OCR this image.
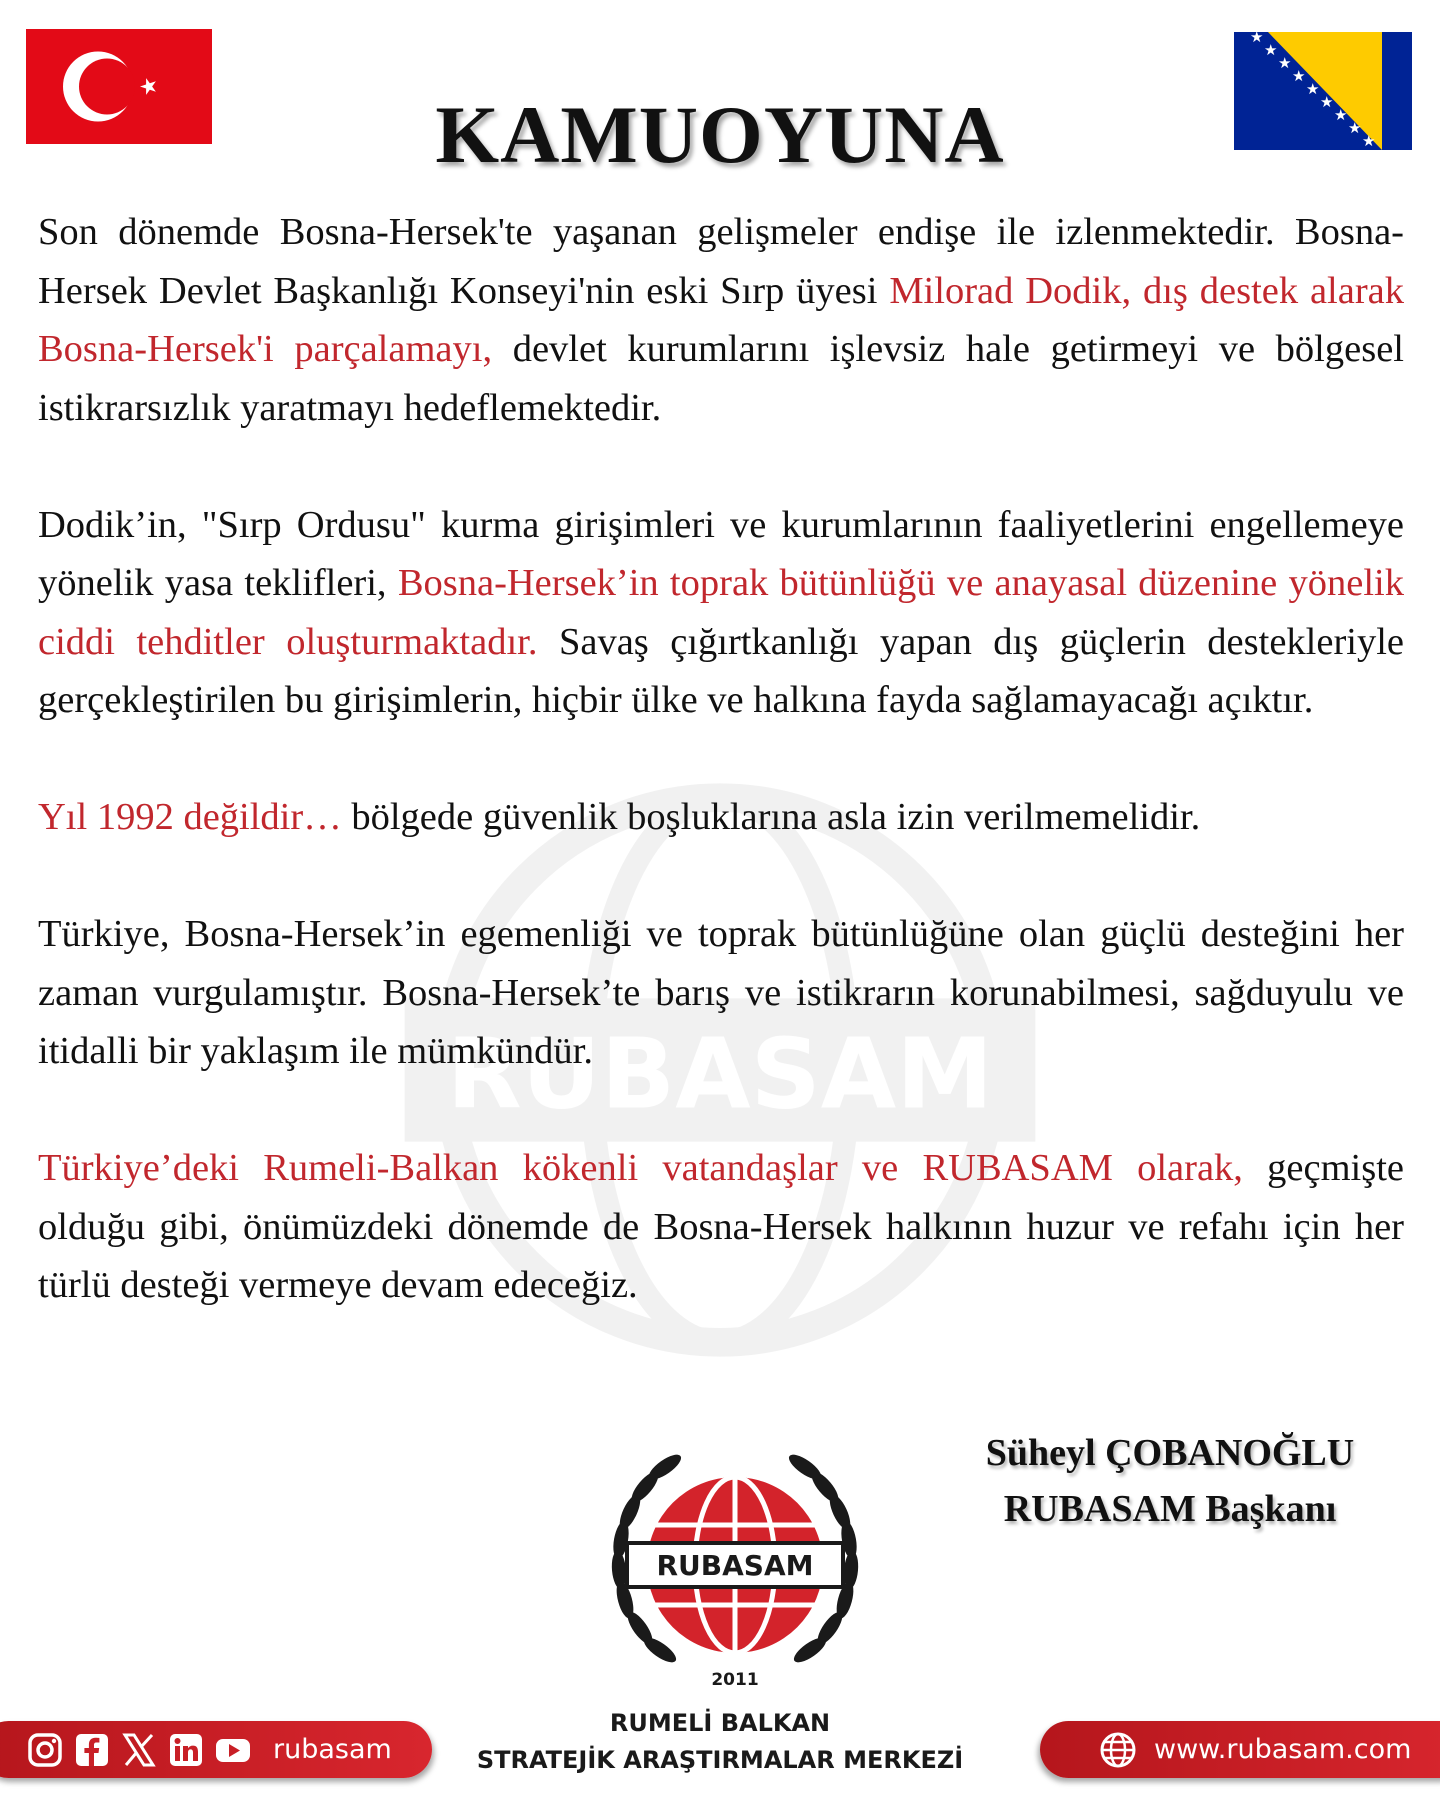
RUBASAM
★
★
★
★
★
★
★
★
★
KAMUOYUNA

Son dönemde Bosna-Hersek'te yaşanan gelişmeler endişe ile izlenmektedir. Bosna-Hersek Devlet Başkanlığı Konseyi'nin eski Sırp üyesi Milorad Dodik, dış destek alarak Bosna-Hersek'i parçalamayı, devlet kurumlarını işlevsiz hale getirmeyi ve bölgesel istikrarsızlık yaratmayı hedeflemektedir.

Dodik’in, "Sırp Ordusu" kurma girişimleri ve kurumlarının faaliyetlerini engellemeye yönelik yasa teklifleri, Bosna-Hersek’in toprak bütünlüğü ve anayasal düzenine yönelik ciddi tehditler oluşturmaktadır. Savaş çığırtkanlığı yapan dış güçlerin destekleriyle gerçekleştirilen bu girişimlerin, hiçbir ülke ve halkına fayda sağlamayacağı açıktır.

Yıl 1992 değildir… bölgede güvenlik boşluklarına asla izin verilmemelidir.

Türkiye, Bosna-Hersek’in egemenliği ve toprak bütünlüğüne olan güçlü desteğini her zaman vurgulamıştır. Bosna-Hersek’te barış ve istikrarın korunabilmesi, sağduyulu ve itidalli bir yaklaşım ile mümkündür.

Türkiye’deki Rumeli-Balkan kökenli vatandaşlar ve RUBASAM olarak, geçmişte olduğu gibi, önümüzdeki dönemde de Bosna-Hersek halkının huzur ve refahı için her türlü desteği vermeye devam edeceğiz.

Süheyl ÇOBANOĞLU
RUBASAM Başkanı
RUBASAM
2011
RUMELİ BALKAN
STRATEJİK ARAŞTIRMALAR MERKEZİ
rubasam	www.rubasam.com
